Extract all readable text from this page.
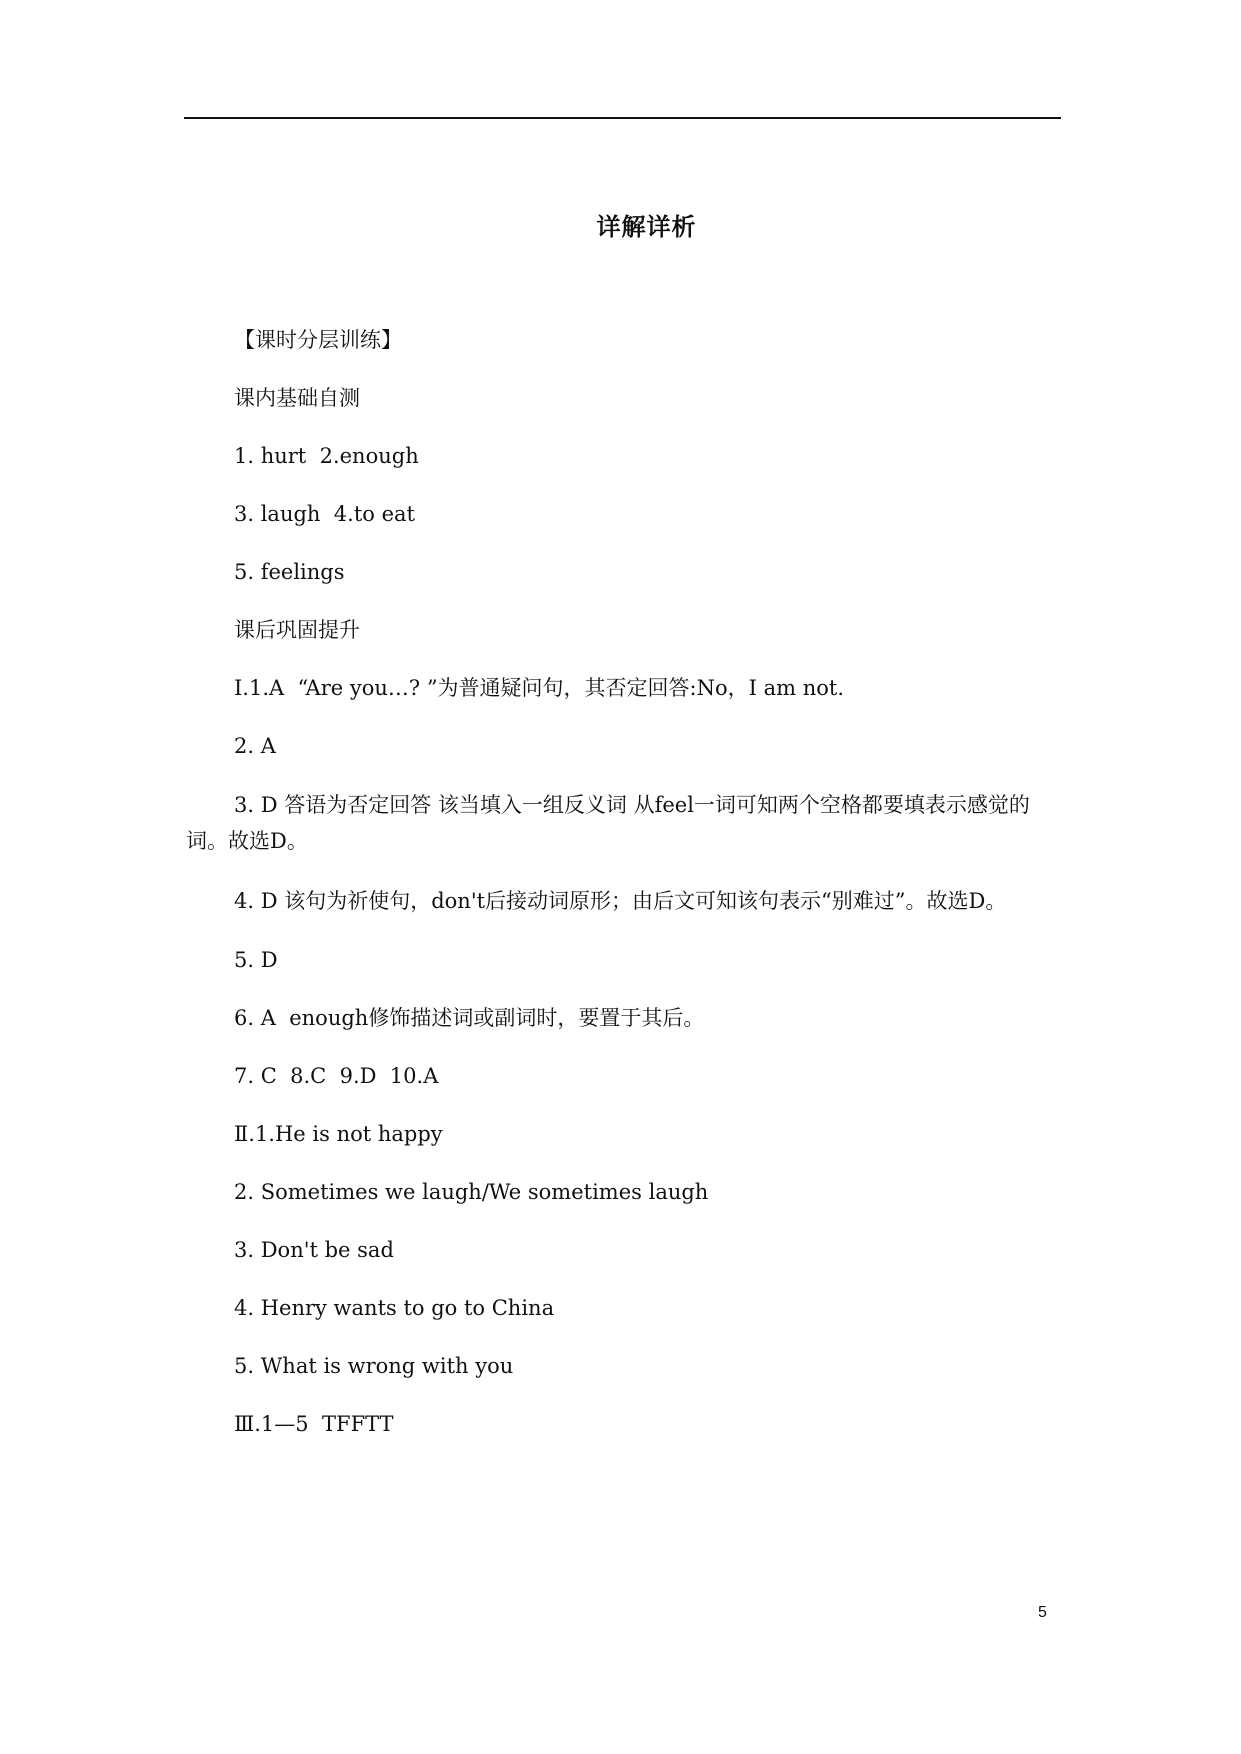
详解详析

【课时分层训练】

课内基础自测

1. hurt  2.enough

3. laugh  4.to eat

5. feelings

课后巩固提升

Ⅰ.1.A  “Are you…? ”为普通疑问句，其否定回答:No，I am not.

2. A

3. D 答语为否定回答 该当填入一组反义词 从feel一词可知两个空格都要填表示感觉的词。故选D。

4. D 该句为祈使句，don't后接动词原形；由后文可知该句表示“别难过”。故选D。

5. D

6. A  enough修饰描述词或副词时，要置于其后。

7. C  8.C  9.D  10.A

Ⅱ.1.He is not happy

2. Sometimes we laugh/We sometimes laugh

3. Don't be sad

4. Henry wants to go to China

5. What is wrong with you

Ⅲ.1—5  TFFTT

5
